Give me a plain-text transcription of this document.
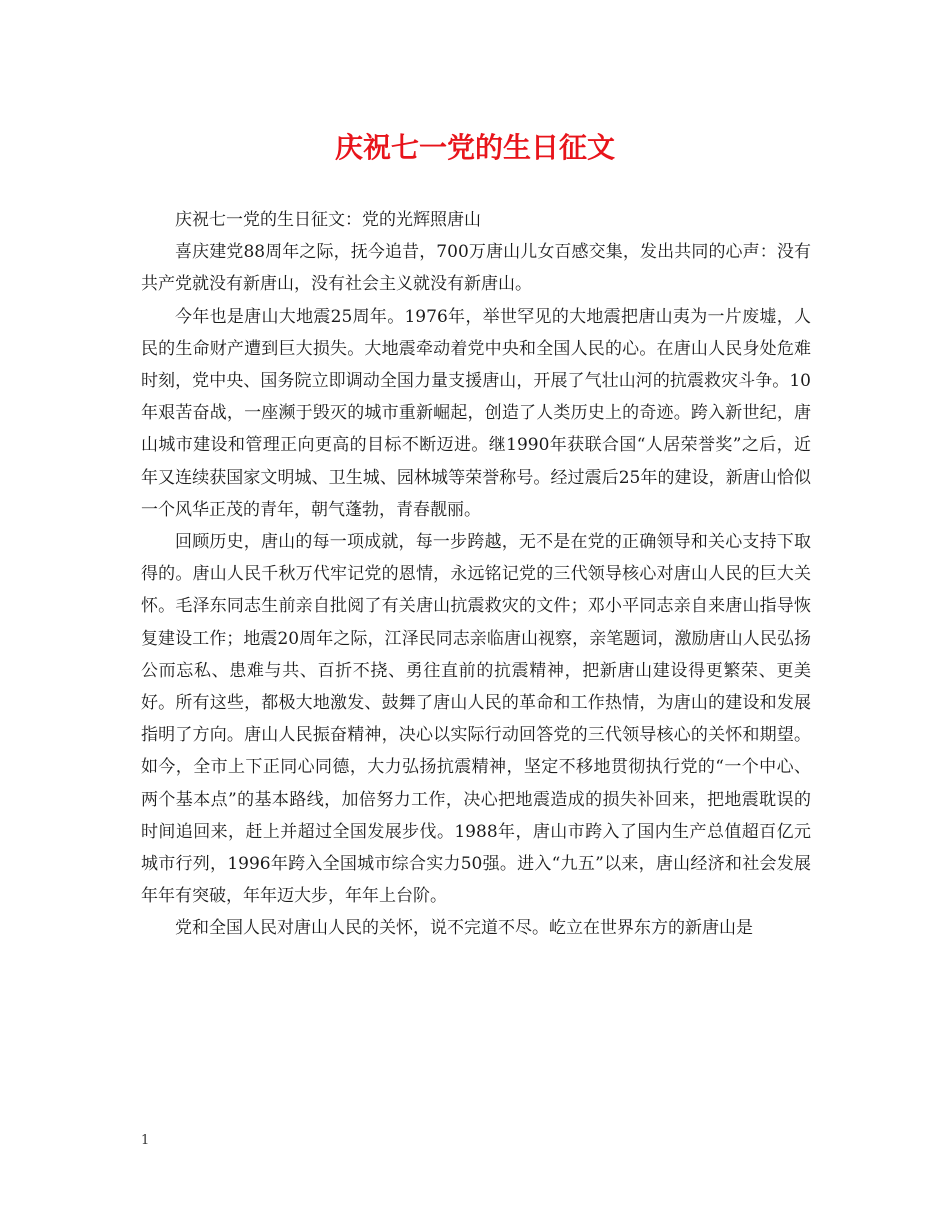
庆祝七一党的生日征文

庆祝七一党的生日征文：党的光辉照唐山

喜庆建党88周年之际，抚今追昔，700万唐山儿女百感交集，发出共同的心声：没有共产党就没有新唐山，没有社会主义就没有新唐山。

今年也是唐山大地震25周年。1976年，举世罕见的大地震把唐山夷为一片废墟，人民的生命财产遭到巨大损失。大地震牵动着党中央和全国人民的心。在唐山人民身处危难时刻，党中央、国务院立即调动全国力量支援唐山，开展了气壮山河的抗震救灾斗争。10年艰苦奋战，一座濒于毁灭的城市重新崛起，创造了人类历史上的奇迹。跨入新世纪，唐山城市建设和管理正向更高的目标不断迈进。继1990年获联合国“人居荣誉奖”之后，近年又连续获国家文明城、卫生城、园林城等荣誉称号。经过震后25年的建设，新唐山恰似一个风华正茂的青年，朝气蓬勃，青春靓丽。

回顾历史，唐山的每一项成就，每一步跨越，无不是在党的正确领导和关心支持下取得的。唐山人民千秋万代牢记党的恩情，永远铭记党的三代领导核心对唐山人民的巨大关怀。毛泽东同志生前亲自批阅了有关唐山抗震救灾的文件；邓小平同志亲自来唐山指导恢复建设工作；地震20周年之际，江泽民同志亲临唐山视察，亲笔题词，激励唐山人民弘扬公而忘私、患难与共、百折不挠、勇往直前的抗震精神，把新唐山建设得更繁荣、更美好。所有这些，都极大地激发、鼓舞了唐山人民的革命和工作热情，为唐山的建设和发展指明了方向。唐山人民振奋精神，决心以实际行动回答党的三代领导核心的关怀和期望。如今，全市上下正同心同德，大力弘扬抗震精神，坚定不移地贯彻执行党的“一个中心、两个基本点”的基本路线，加倍努力工作，决心把地震造成的损失补回来，把地震耽误的时间追回来，赶上并超过全国发展步伐。1988年，唐山市跨入了国内生产总值超百亿元城市行列，1996年跨入全国城市综合实力50强。进入“九五”以来，唐山经济和社会发展年年有突破，年年迈大步，年年上台阶。

党和全国人民对唐山人民的关怀，说不完道不尽。屹立在世界东方的新唐山是

1
